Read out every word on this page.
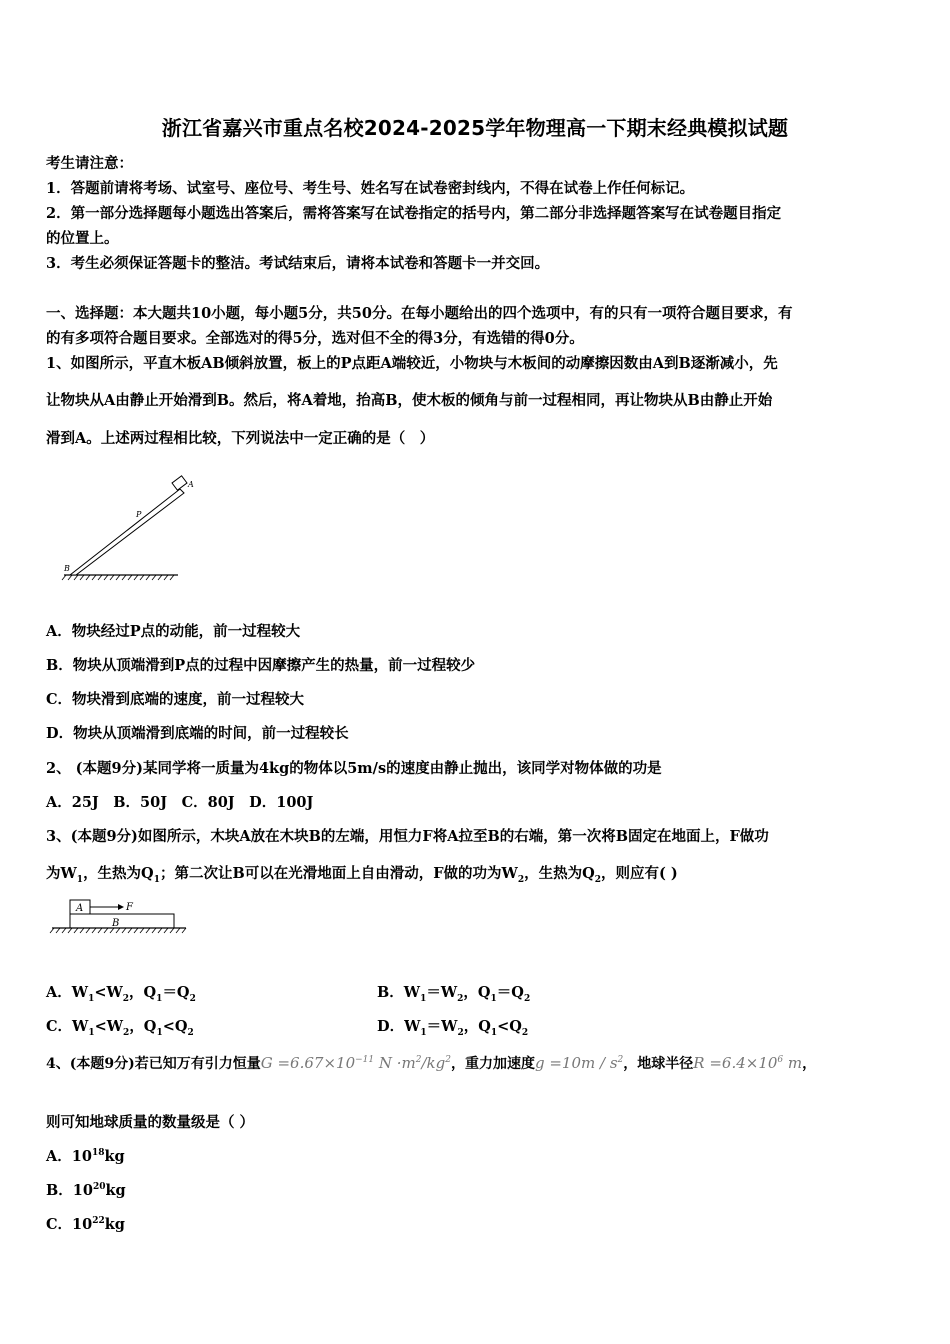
浙江省嘉兴市重点名校2024-2025学年物理高一下期末经典模拟试题
考生请注意：
1．答题前请将考场、试室号、座位号、考生号、姓名写在试卷密封线内，不得在试卷上作任何标记。
2．第一部分选择题每小题选出答案后，需将答案写在试卷指定的括号内，第二部分非选择题答案写在试卷题目指定
的位置上。
3．考生必须保证答题卡的整洁。考试结束后，请将本试卷和答题卡一并交回。
一、选择题：本大题共10小题，每小题5分，共50分。在每小题给出的四个选项中，有的只有一项符合题目要求，有
的有多项符合题目要求。全部选对的得5分，选对但不全的得3分，有选错的得0分。
1、如图所示，平直木板AB倾斜放置，板上的P点距A端较近，小物块与木板间的动摩擦因数由A到B逐渐减小，先
让物块从A由静止开始滑到B。然后，将A着地，抬高B，使木板的倾角与前一过程相同，再让物块从B由静止开始
滑到A。上述两过程相比较，下列说法中一定正确的是（　）
A
P
B
A．物块经过P点的动能，前一过程较大
B．物块从顶端滑到P点的过程中因摩擦产生的热量，前一过程较少
C．物块滑到底端的速度，前一过程较大
D．物块从顶端滑到底端的时间，前一过程较长
2、 (本题9分)某同学将一质量为4kg的物体以5m/s的速度由静止抛出，该同学对物体做的功是
A．25J　B．50J　C．80J　D．100J
3、(本题9分)如图所示，木块A放在木块B的左端，用恒力F将A拉至B的右端，第一次将B固定在地面上，F做功
为$W_1$，生热为$Q_1$；第二次让B可以在光滑地面上自由滑动，F做的功为$W_2$，生热为$Q_2$，则应有( )
A	F
B
A．$W_1<W_2$，$Q_1=Q_2$	B．$W_1=W_2$，$Q_1=Q_2$
C．$W_1<W_2$，$Q_1<Q_2$	D．$W_1=W_2$，$Q_1<Q_2$
4、(本题9分)若已知万有引力恒量$G =6.67\times 10^{-11}$ $N \cdot m^2/kg^2$，重力加速度$g =10m / s^2$，地球半径$R =6.4\times 10^6$ m，
则可知地球质量的数量级是（ ）
A．$10^{18}kg$
B．$10^{20}kg$
C．$10^{22}kg$
